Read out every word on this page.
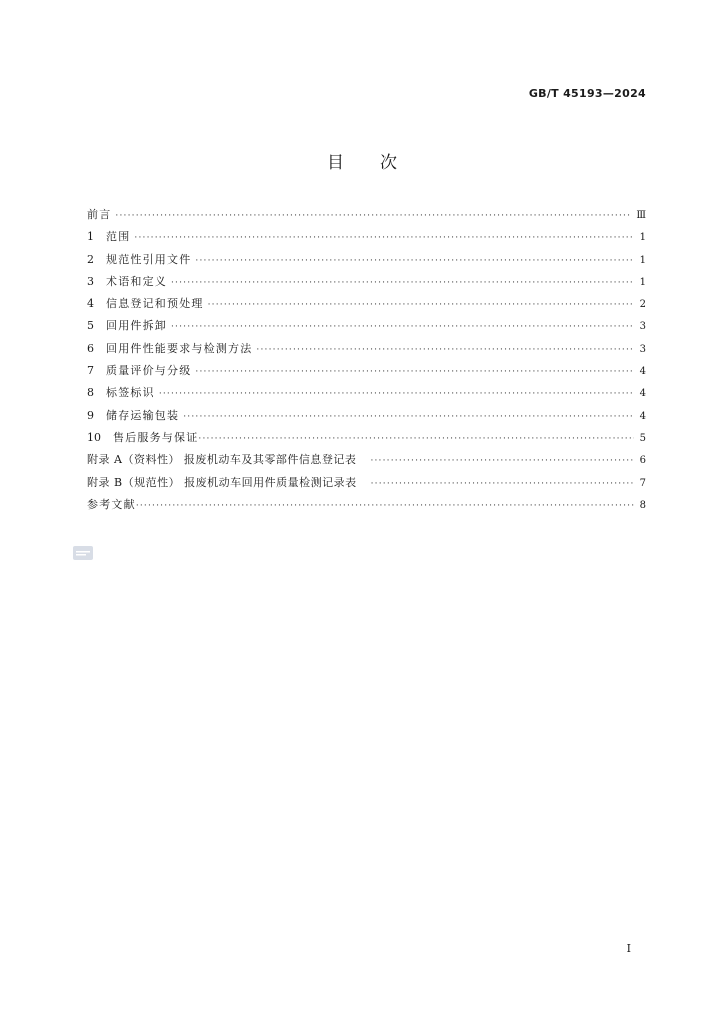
GB/T 45193—2024
目次
前言 ·····	Ⅲ
1	范围 ·····	1
2	规范性引用文件 ·····	1
3	术语和定义 ·····	1
4	信息登记和预处理 ·····	2
5	回用件拆卸 ·····	3
6	回用件性能要求与检测方法 ·····	3
7	质量评价与分级 ·····	4
8	标签标识 ·····	4
9	储存运输包装 ·····	4
10	售后服务与保证 ·····	5
附录 A（资料性） 报废机动车及其零部件信息登记表 ·····	6
附录 B（规范性） 报废机动车回用件质量检测记录表 ·····	7
参考文献 ·····	8
I
